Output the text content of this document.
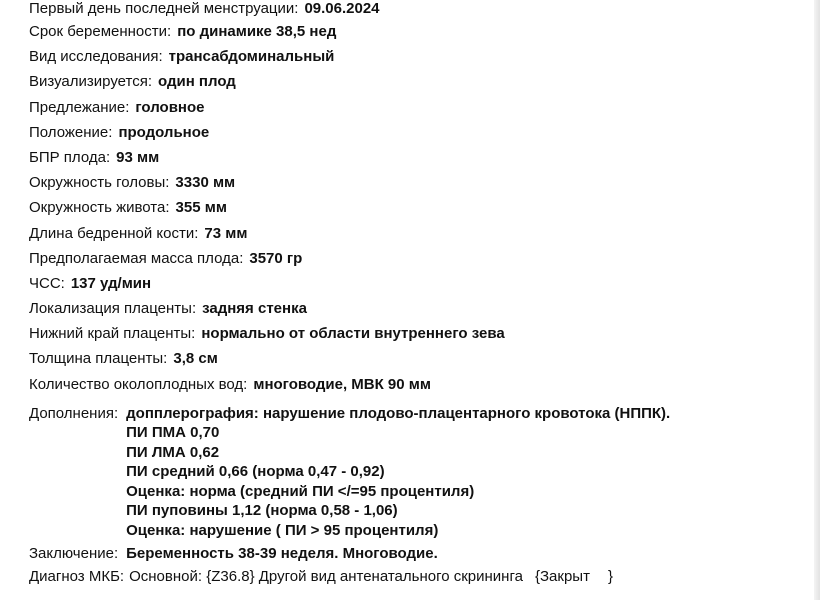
Первый день последней менструации: 09.06.2024
Срок беременности: по динамике 38,5 нед
Вид исследования: трансабдоминальный
Визуализируется: один плод
Предлежание: головное
Положение: продольное
БПР плода: 93 мм
Окружность головы: 3330 мм
Окружность живота: 355 мм
Длина бедренной кости: 73 мм
Предполагаемая масса плода: 3570 гр
ЧСС: 137 уд/мин
Локализация плаценты: задняя стенка
Нижний край плаценты: нормально от области внутреннего зева
Толщина плаценты: 3,8 см
Количество околоплодных вод: многоводие, МВК 90 мм
Дополнения: допплерография: нарушение плодово-плацентарного кровотока (НППК).
ПИ ПМА 0,70
ПИ ЛМА 0,62
ПИ средний 0,66 (норма 0,47 - 0,92)
Оценка: норма (средний ПИ </=95 процентиля)
ПИ пуповины 1,12 (норма 0,58 - 1,06)
Оценка: нарушение ( ПИ > 95 процентиля)
Заключение: Беременность 38-39 неделя. Многоводие.
Диагноз МКБ: Основной: {Z36.8} Другой вид антенатального скрининга {Закрыт }
